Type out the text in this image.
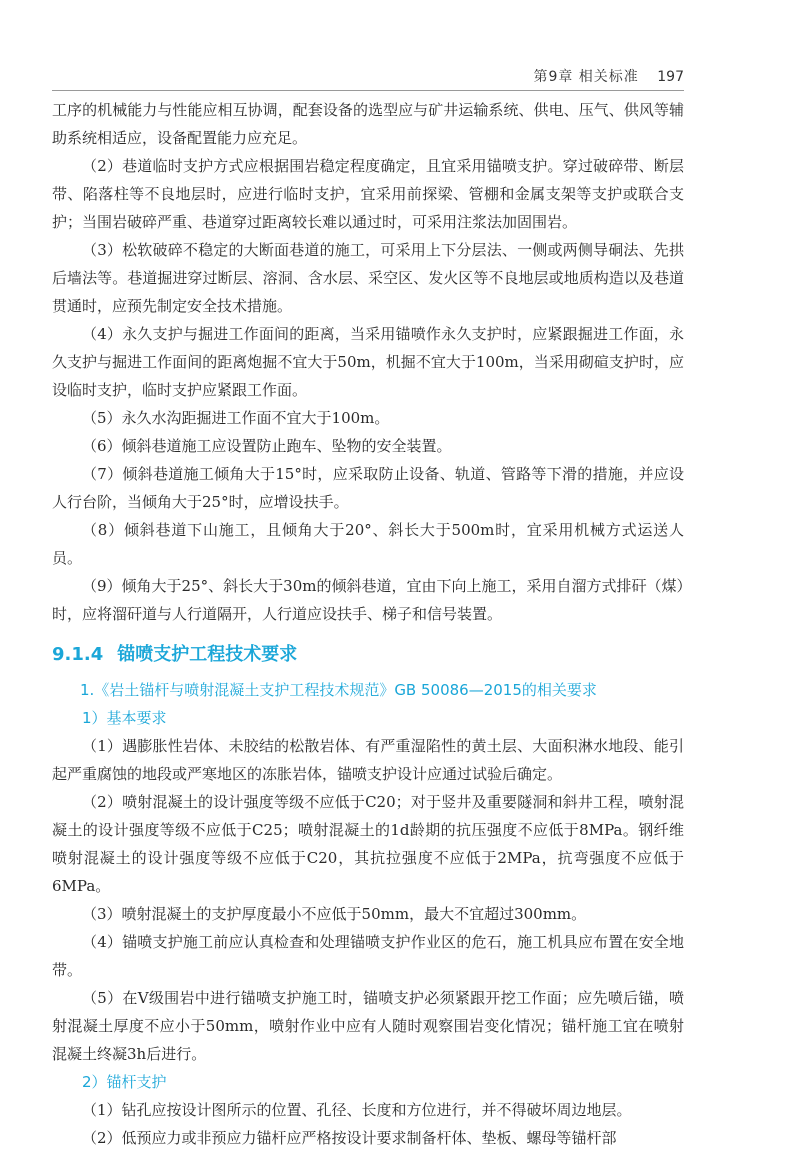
第9章 相关标准 197

工序的机械能力与性能应相互协调，配套设备的选型应与矿井运输系统、供电、压气、供风等辅助系统相适应，设备配置能力应充足。

（2）巷道临时支护方式应根据围岩稳定程度确定，且宜采用锚喷支护。穿过破碎带、断层带、陷落柱等不良地层时，应进行临时支护，宜采用前探梁、管棚和金属支架等支护或联合支护；当围岩破碎严重、巷道穿过距离较长难以通过时，可采用注浆法加固围岩。

（3）松软破碎不稳定的大断面巷道的施工，可采用上下分层法、一侧或两侧导硐法、先拱后墙法等。巷道掘进穿过断层、溶洞、含水层、采空区、发火区等不良地层或地质构造以及巷道贯通时，应预先制定安全技术措施。

（4）永久支护与掘进工作面间的距离，当采用锚喷作永久支护时，应紧跟掘进工作面，永久支护与掘进工作面间的距离炮掘不宜大于50m，机掘不宜大于100m，当采用砌碹支护时，应设临时支护，临时支护应紧跟工作面。

（5）永久水沟距掘进工作面不宜大于100m。

（6）倾斜巷道施工应设置防止跑车、坠物的安全装置。

（7）倾斜巷道施工倾角大于15°时，应采取防止设备、轨道、管路等下滑的措施，并应设人行台阶，当倾角大于25°时，应增设扶手。

（8）倾斜巷道下山施工，且倾角大于20°、斜长大于500m时，宜采用机械方式运送人员。

（9）倾角大于25°、斜长大于30m的倾斜巷道，宜由下向上施工，采用自溜方式排矸（煤）时，应将溜矸道与人行道隔开，人行道应设扶手、梯子和信号装置。

9.1.4 锚喷支护工程技术要求

1.《岩土锚杆与喷射混凝土支护工程技术规范》GB 50086—2015的相关要求

1）基本要求

（1）遇膨胀性岩体、未胶结的松散岩体、有严重湿陷性的黄土层、大面积淋水地段、能引起严重腐蚀的地段或严寒地区的冻胀岩体，锚喷支护设计应通过试验后确定。

（2）喷射混凝土的设计强度等级不应低于C20；对于竖井及重要隧洞和斜井工程，喷射混凝土的设计强度等级不应低于C25；喷射混凝土的1d龄期的抗压强度不应低于8MPa。钢纤维喷射混凝土的设计强度等级不应低于C20，其抗拉强度不应低于2MPa，抗弯强度不应低于6MPa。

（3）喷射混凝土的支护厚度最小不应低于50mm，最大不宜超过300mm。

（4）锚喷支护施工前应认真检查和处理锚喷支护作业区的危石，施工机具应布置在安全地带。

（5）在Ⅴ级围岩中进行锚喷支护施工时，锚喷支护必须紧跟开挖工作面；应先喷后锚，喷射混凝土厚度不应小于50mm，喷射作业中应有人随时观察围岩变化情况；锚杆施工宜在喷射混凝土终凝3h后进行。

2）锚杆支护

（1）钻孔应按设计图所示的位置、孔径、长度和方位进行，并不得破坏周边地层。

（2）低预应力或非预应力锚杆应严格按设计要求制备杆体、垫板、螺母等锚杆部
